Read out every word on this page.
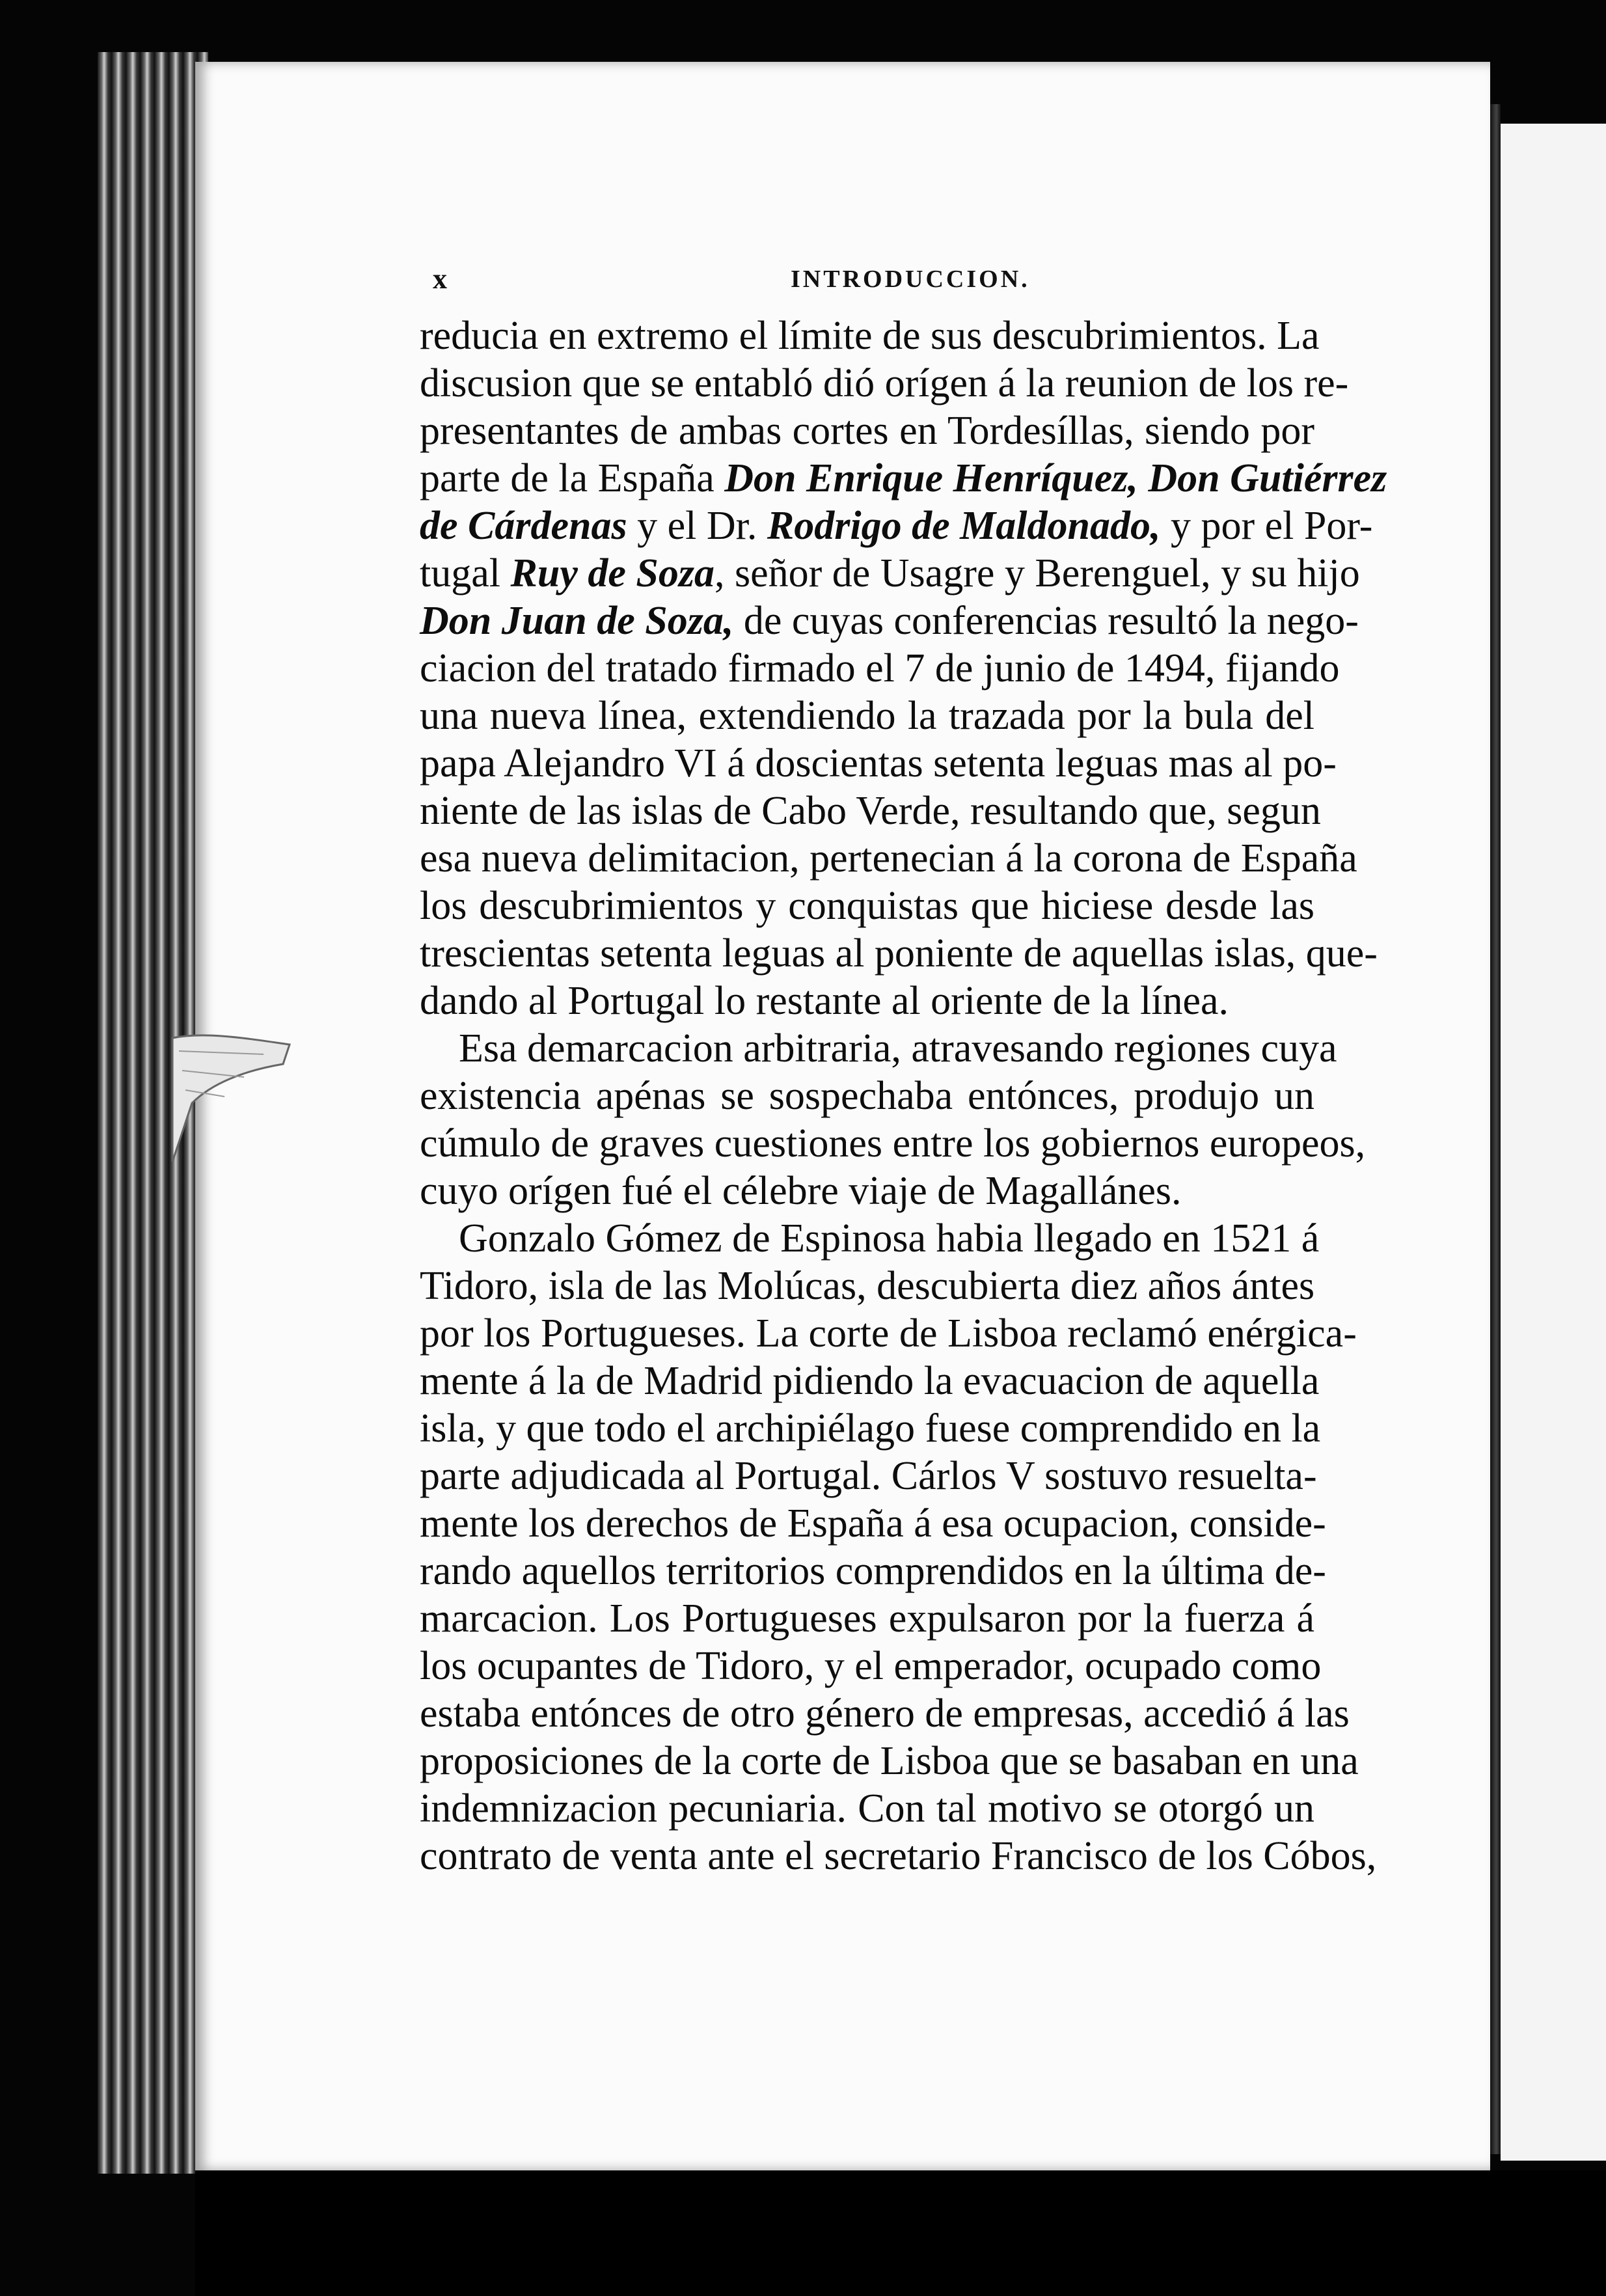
x	INTRODUCCION.
reducia en extremo el límite de sus descubrimientos. La
discusion que se entabló dió orígen á la reunion de los re-
presentantes de ambas cortes en Tordesíllas, siendo por
parte de la España Don Enrique Henríquez, Don Gutiérrez
de Cárdenas y el Dr. Rodrigo de Maldonado, y por el Por-
tugal Ruy de Soza, señor de Usagre y Berenguel, y su hijo
Don Juan de Soza, de cuyas conferencias resultó la nego-
ciacion del tratado firmado el 7 de junio de 1494, fijando
una nueva línea, extendiendo la trazada por la bula del
papa Alejandro VI á doscientas setenta leguas mas al po-
niente de las islas de Cabo Verde, resultando que, segun
esa nueva delimitacion, pertenecian á la corona de España
los descubrimientos y conquistas que hiciese desde las
trescientas setenta leguas al poniente de aquellas islas, que-
dando al Portugal lo restante al oriente de la línea.
Esa demarcacion arbitraria, atravesando regiones cuya
existencia apénas se sospechaba entónces, produjo un
cúmulo de graves cuestiones entre los gobiernos europeos,
cuyo orígen fué el célebre viaje de Magallánes.
Gonzalo Gómez de Espinosa habia llegado en 1521 á
Tidoro, isla de las Molúcas, descubierta diez años ántes
por los Portugueses. La corte de Lisboa reclamó enérgica-
mente á la de Madrid pidiendo la evacuacion de aquella
isla, y que todo el archipiélago fuese comprendido en la
parte adjudicada al Portugal. Cárlos V sostuvo resuelta-
mente los derechos de España á esa ocupacion, conside-
rando aquellos territorios comprendidos en la última de-
marcacion. Los Portugueses expulsaron por la fuerza á
los ocupantes de Tidoro, y el emperador, ocupado como
estaba entónces de otro género de empresas, accedió á las
proposiciones de la corte de Lisboa que se basaban en una
indemnizacion pecuniaria. Con tal motivo se otorgó un
contrato de venta ante el secretario Francisco de los Cóbos,
